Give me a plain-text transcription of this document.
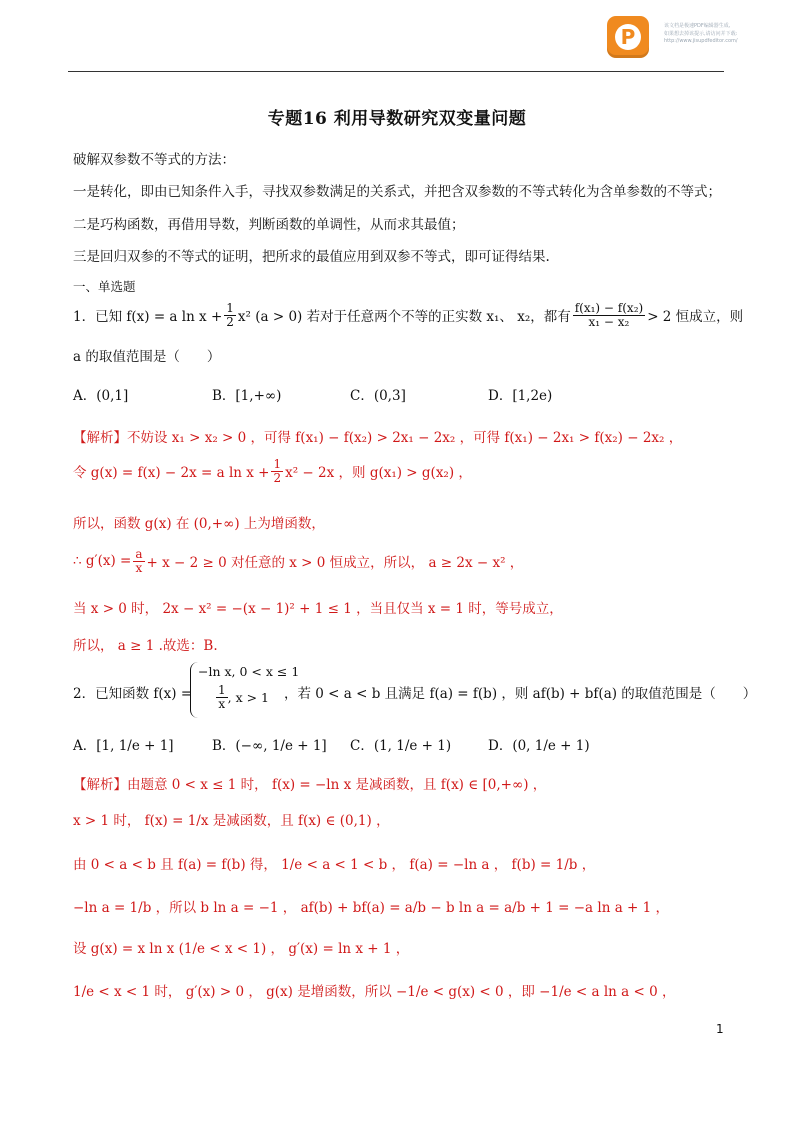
P	该文档是极速PDF编辑器生成,
如果想去掉该提示,请访问并下载:
http://www.jisupdfeditor.com/
专题16 利用导数研究双变量问题
破解双参数不等式的方法：
一是转化，即由已知条件入手，寻找双参数满足的关系式，并把含双参数的不等式转化为含单参数的不等式；
二是巧构函数，再借用导数，判断函数的单调性，从而求其最值；
三是回归双参的不等式的证明，把所求的最值应用到双参不等式，即可证得结果.
一、单选题
1．已知 f(x) = a $\ln x + \frac{1}{2} x^2$ (a > 0) 若对于任意两个不等的正实数 x₁、 x₂，都有 $\frac{\text{f(x₁) − f(x₂)}}{\text{x₁ − x₂}} > 2$ 恒成立，则
a 的取值范围是（　　）
A．(0,1]	B．[1,+∞)	C．(0,3]	D．[1,2e)
【解析】不妨设 x₁ > x₂ > 0 ，可得 f(x₁) − f(x₂) > 2x₁ − 2x₂ ，可得 f(x₁) − 2x₁ > f(x₂) − 2x₂ ，
令 g(x) = f(x) − 2x = a $\ln x + \frac{1}{2} x^2 - 2x$ ，则 g(x₁) > g(x₂) ，
所以，函数 g(x) 在 (0,+∞) 上为增函数，
∴ $g'(x) = \frac{a}{x} + x - 2 \ge 0$ 对任意的 x > 0 恒成立，所以， a ≥ 2x − x² ，
当 x > 0 时， 2x − x² = −(x − 1)² + 1 ≤ 1 ，当且仅当 x = 1 时，等号成立，
所以， a ≥ 1 .故选：B.
2．已知函数 f(x) =
−ln x, 0 < x ≤ 1
$\frac{1}{x}$ , x > 1 ，若 0 < a < b 且满足 f(a) = f(b) ，则 af(b) + bf(a) 的取值范围是（　　）
A．[1, 1/e + 1]	B．(−∞, 1/e + 1] C．(1, 1/e + 1)	D．(0, 1/e + 1)
【解析】由题意 0 < x ≤ 1 时， f(x) = −ln x 是减函数，且 f(x) ∈ [0,+∞) ，
x > 1 时， f(x) = 1/x 是减函数，且 f(x) ∈ (0,1) ，
由 0 < a < b 且 f(a) = f(b) 得， 1/e < a < 1 < b ， f(a) = −ln a ， f(b) = 1/b ，
−ln a = 1/b ，所以 b ln a = −1 ， af(b) + bf(a) = a/b − b ln a = a/b + 1 = −a ln a + 1 ，
设 g(x) = x ln x (1/e < x < 1) ， g′(x) = ln x + 1 ，
1/e < x < 1 时， g′(x) > 0 ， g(x) 是增函数，所以 −1/e < g(x) < 0 ，即 −1/e < a ln a < 0 ，
1
